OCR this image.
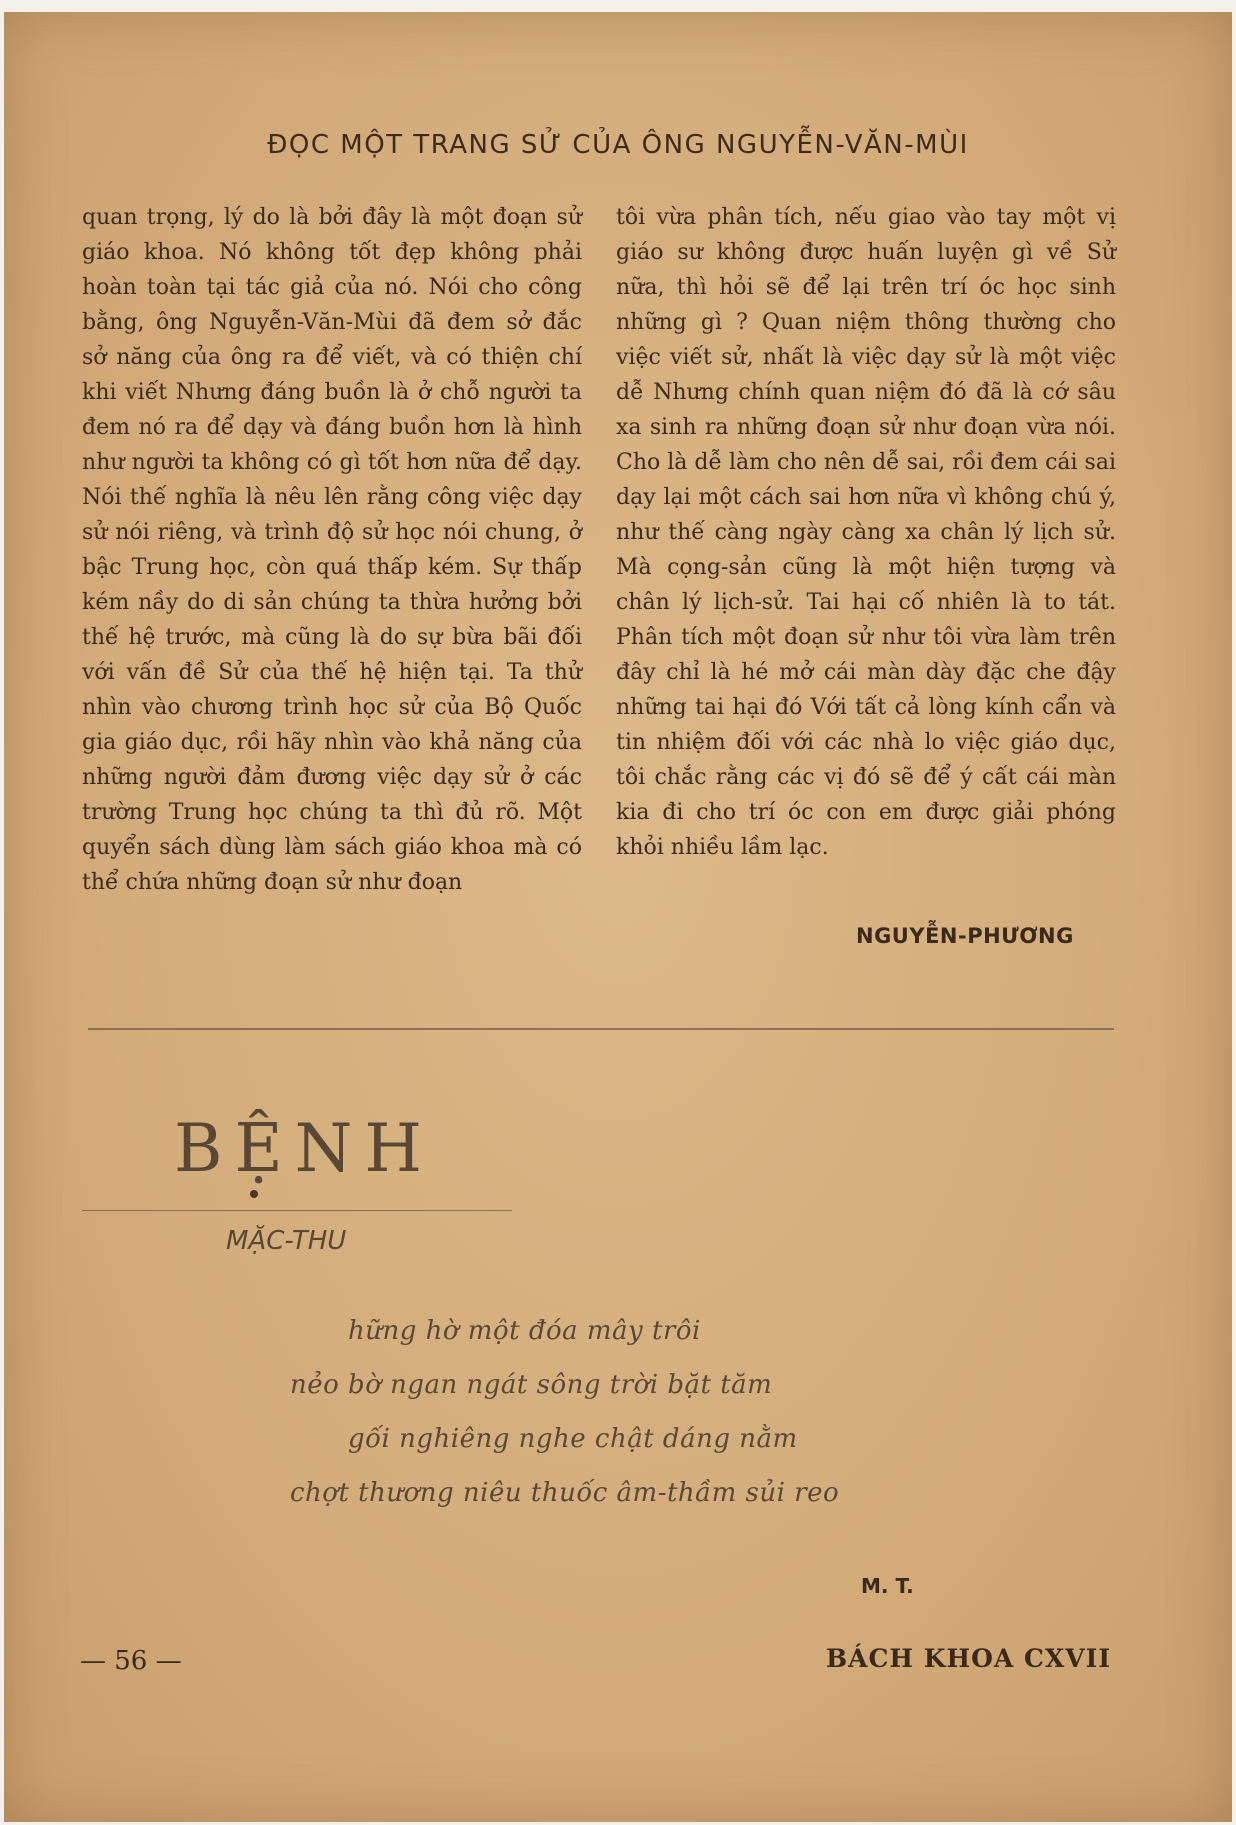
ĐỌC MỘT TRANG SỬ CỦA ÔNG NGUYỄN-VĂN-MÙI
quan trọng, lý do là bởi đây là một đoạn sử giáo khoa. Nó không tốt đẹp không phải hoàn toàn tại tác giả của nó. Nói cho công bằng, ông Nguyễn-Văn-Mùi đã đem sở đắc sở năng của ông ra để viết, và có thiện chí khi viết Nhưng đáng buồn là ở chỗ người ta đem nó ra để dạy và đáng buồn hơn là hình như người ta không có gì tốt hơn nữa để dạy. Nói thế nghĩa là nêu lên rằng công việc dạy sử nói riêng, và trình độ sử học nói chung, ở bậc Trung học, còn quá thấp kém. Sự thấp kém nầy do di sản chúng ta thừa hưởng bởi thế hệ trước, mà cũng là do sự bừa bãi đối với vấn đề Sử của thế hệ hiện tại. Ta thử nhìn vào chương trình học sử của Bộ Quốc gia giáo dục, rồi hãy nhìn vào khả năng của những người đảm đương việc dạy sử ở các trường Trung học chúng ta thì đủ rõ. Một quyển sách dùng làm sách giáo khoa mà có thể chứa những đoạn sử như đoạn
tôi vừa phân tích, nếu giao vào tay một vị giáo sư không được huấn luyện gì về Sử nữa, thì hỏi sẽ để lại trên trí óc học sinh những gì ? Quan niệm thông thường cho việc viết sử, nhất là việc dạy sử là một việc dễ Nhưng chính quan niệm đó đã là cớ sâu xa sinh ra những đoạn sử như đoạn vừa nói. Cho là dễ làm cho nên dễ sai, rồi đem cái sai dạy lại một cách sai hơn nữa vì không chú ý, như thế càng ngày càng xa chân lý lịch sử. Mà cọng-sản cũng là một hiện tượng và chân lý lịch-sử. Tai hại cố nhiên là to tát. Phân tích một đoạn sử như tôi vừa làm trên đây chỉ là hé mở cái màn dày đặc che đậy những tai hại đó Với tất cả lòng kính cẩn và tin nhiệm đối với các nhà lo việc giáo dục, tôi chắc rằng các vị đó sẽ để ý cất cái màn kia đi cho trí óc con em được giải phóng khỏi nhiều lầm lạc.
NGUYỄN-PHƯƠNG
BỆNH
MẶC-THU
hững hờ một đóa mây trôi
nẻo bờ ngan ngát sông trời bặt tăm
gối nghiêng nghe chật dáng nằm
chợt thương niêu thuốc âm-thầm sủi reo
M. T.
— 56 —	BÁCH KHOA CXVII
